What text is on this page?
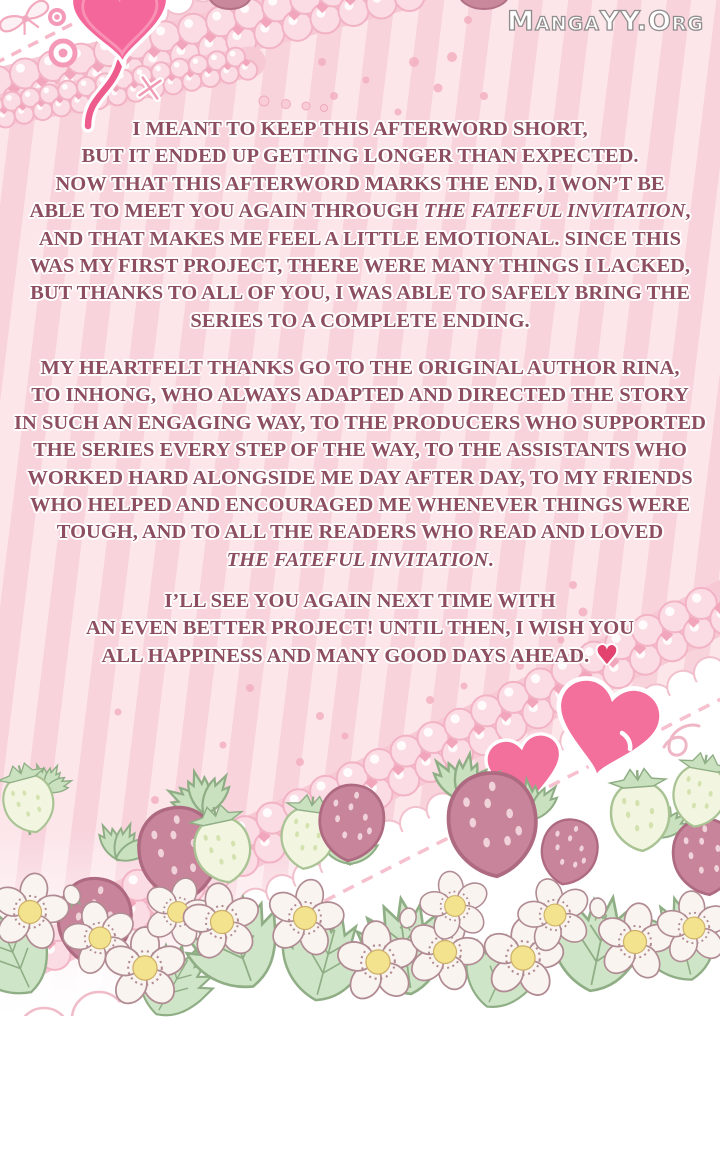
MangaYY.Org
I MEANT TO KEEP THIS AFTERWORD SHORT,
BUT IT ENDED UP GETTING LONGER THAN EXPECTED.
NOW THAT THIS AFTERWORD MARKS THE END, I WON’T BE
ABLE TO MEET YOU AGAIN THROUGH THE FATEFUL INVITATION,
AND THAT MAKES ME FEEL A LITTLE EMOTIONAL. SINCE THIS
WAS MY FIRST PROJECT, THERE WERE MANY THINGS I LACKED,
BUT THANKS TO ALL OF YOU, I WAS ABLE TO SAFELY BRING THE
SERIES TO A COMPLETE ENDING.
MY HEARTFELT THANKS GO TO THE ORIGINAL AUTHOR RINA,
TO INHONG, WHO ALWAYS ADAPTED AND DIRECTED THE STORY
IN SUCH AN ENGAGING WAY, TO THE PRODUCERS WHO SUPPORTED
THE SERIES EVERY STEP OF THE WAY, TO THE ASSISTANTS WHO
WORKED HARD ALONGSIDE ME DAY AFTER DAY, TO MY FRIENDS
WHO HELPED AND ENCOURAGED ME WHENEVER THINGS WERE
TOUGH, AND TO ALL THE READERS WHO READ AND LOVED
THE FATEFUL INVITATION.
I’LL SEE YOU AGAIN NEXT TIME WITH
AN EVEN BETTER PROJECT! UNTIL THEN, I WISH YOU
ALL HAPPINESS AND MANY GOOD DAYS AHEAD. ♥
